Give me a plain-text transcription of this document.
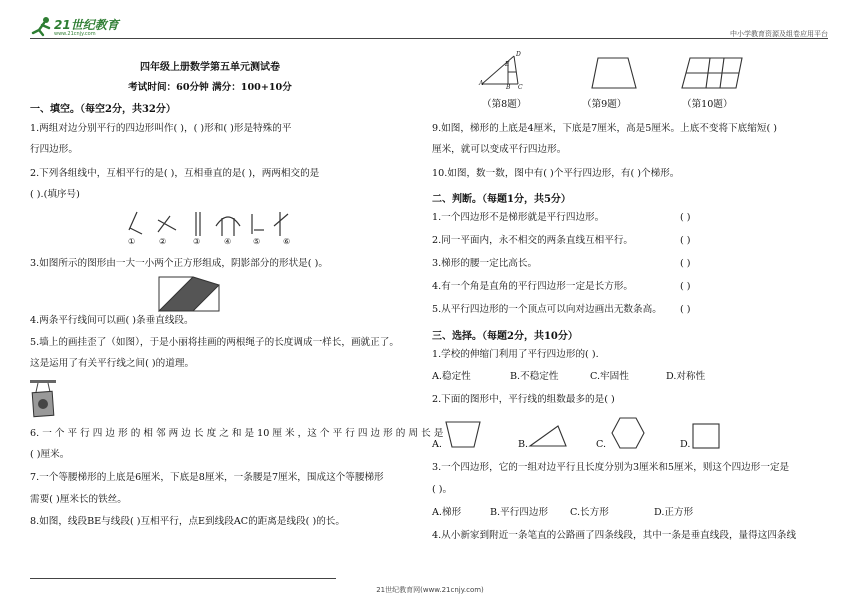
21世纪教育
www.21cnjy.com	中小学教育资源及组卷应用平台
四年级上册数学第五单元测试卷
考试时间：60分钟 满分：100+10分
一、填空。（每空2分，共32分）
1.两组对边分别平行的四边形叫作( )，( )形和( )形是特殊的平
行四边形。
2.下列各组线中，互相平行的是( )，互相垂直的是( )，两两相交的是
( ).(填序号)
①	②	③	④	⑤	⑥
3.如图所示的图形由一大一小两个正方形组成，阴影部分的形状是( )。
4.两条平行线间可以画( )条垂直线段。
5.墙上的画挂歪了（如图），于是小丽将挂画的两根绳子的长度调成一样长，画就正了。
这是运用了有关平行线之间( )的道理。
6. 一 个 平 行 四 边 形 的 相 邻 两 边 长 度 之 和 是 10 厘 米 ，这 个 平 行 四 边 形 的 周 长 是
( )厘米。
7.一个等腰梯形的上底是6厘米，下底是8厘米，一条腰是7厘米，围成这个等腰梯形
需要( )厘米长的铁丝。
8.如图，线段BE与线段( )互相平行，点E到线段AC的距离是线段( )的长。
D
E
A
B C
（第8题）	（第9题）	（第10题）
9.如图，梯形的上底是4厘米，下底是7厘米，高是5厘米。上底不变将下底缩短( )
厘米，就可以变成平行四边形。
10.如图，数一数，图中有( )个平行四边形，有( )个梯形。
二、判断。（每题1分，共5分）
1.一个四边形不是梯形就是平行四边形。	( )
2.同一平面内，永不相交的两条直线互相平行。	( )
3.梯形的腰一定比高长。	( )
4.有一个角是直角的平行四边形一定是长方形。	( )
5.从平行四边形的一个顶点可以向对边画出无数条高。 ( )
三、选择。（每题2分，共10分）
1.学校的伸缩门利用了平行四边形的( ).
A.稳定性	B.不稳定性	C.牢固性	D.对称性
2.下面的图形中，平行线的组数最多的是( )
A.	B.	C.	D.
3.一个四边形，它的一组对边平行且长度分别为3厘米和5厘米，则这个四边形一定是
( )。
A.梯形	B.平行四边形 C.长方形	D.正方形
4.从小新家到附近一条笔直的公路画了四条线段，其中一条是垂直线段，量得这四条线
21世纪教育网(www.21cnjy.com)
